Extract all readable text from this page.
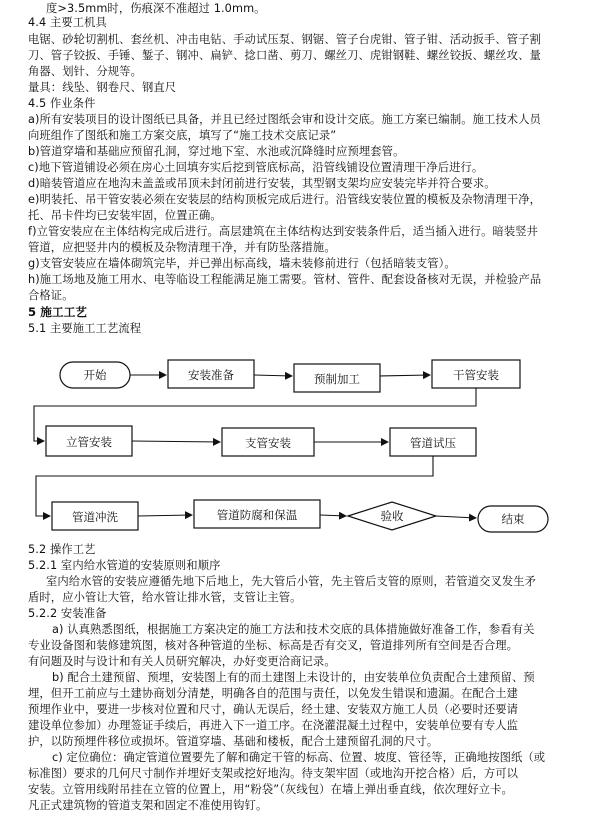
度>3.5mm时，伤痕深不准超过 1.0mm。
4.4 主要工机具
电锯、砂轮切割机、套丝机、冲击电钻、手动试压泵、钢锯、管子台虎钳、管子钳、活动扳手、管子割
刀、管子铰扳、手锤、錾子、钢冲、扁铲、捻口凿、剪刀、螺丝刀、虎钳钢鞋、螺丝铰扳、螺丝攻、量
角器、划针、分规等。
量具：线坠、钢卷尺、钢直尺
4.5 作业条件
a)所有安装项目的设计图纸已具备，并且已经过图纸会审和设计交底。施工方案已编制。施工技术人员
向班组作了图纸和施工方案交底，填写了“施工技术交底记录”
b)管道穿墙和基础应预留孔洞，穿过地下室、水池或沉降缝时应预埋套管。
c)地下管道铺设必须在房心土回填夯实后挖到管底标高，沿管线铺设位置清理干净后进行。
d)暗装管道应在地沟未盖盖或吊顶未封闭前进行安装，其型钢支架均应安装完毕并符合要求。
e)明装托、吊干管安装必须在安装层的结构顶板完成后进行。沿管线安装位置的模板及杂物清理干净，
托、吊卡件均已安装牢固，位置正确。
f)立管安装应在主体结构完成后进行。高层建筑在主体结构达到安装条件后，适当插入进行。暗装竖井
管道，应把竖井内的模板及杂物清理干净，并有防坠落措施。
g)支管安装应在墙体砌筑完毕，并已弹出标高线，墙未装修前进行（包括暗装支管）。
h)施工场地及施工用水、电等临设工程能满足施工需要。管材、管件、配套设备核对无误，并检验产品
合格证。
5 施工工艺
5.1 主要施工工艺流程
开始	安装准备	预制加工	干管安装
立管安装	支管安装	管道试压
管道冲洗	管道防腐和保温	验收	结束
5.2 操作工艺
5.2.1 室内给水管道的安装原则和顺序
室内给水管的安装应遵循先地下后地上，先大管后小管，先主管后支管的原则，若管道交叉发生矛
盾时，应小管让大管，给水管让排水管，支管让主管。
5.2.2 安装准备
a) 认真熟悉图纸，根据施工方案决定的施工方法和技术交底的具体措施做好准备工作，参看有关
专业设备图和装修建筑图，核对各种管道的坐标、标高是否有交叉，管道排列所有空间是否合理。
有问题及时与设计和有关人员研究解决，办好变更洽商记录。
b) 配合土建预留、预埋，安装图上有的而土建图上未设计的，由安装单位负责配合土建预留、预
埋，但开工前应与土建协商划分清楚，明确各自的范围与责任，以免发生错误和遗漏。在配合土建
预埋作业中，要进一步核对位置和尺寸，确认无误后，经土建、安装双方施工人员（必要时还要请
建设单位参加）办理签证手续后，再进入下一道工序。在浇灌混凝土过程中，安装单位要有专人监
护，以防预埋件移位或损坏。管道穿墙、基础和楼板，配合土建预留孔洞的尺寸。
c) 定位确位：确定管道位置要先了解和确定干管的标高、位置、坡度、管径等，正确地按图纸（或
标准图）要求的几何尺寸制作并埋好支架或挖好地沟。待支架牢固（或地沟开挖合格）后，方可以
安装。立管用线附吊挂在立管的位置上，用“粉袋”（灰线包）在墙上弹出垂直线，依次理好立卡。
凡正式建筑物的管道支架和固定不准使用钩钉。
